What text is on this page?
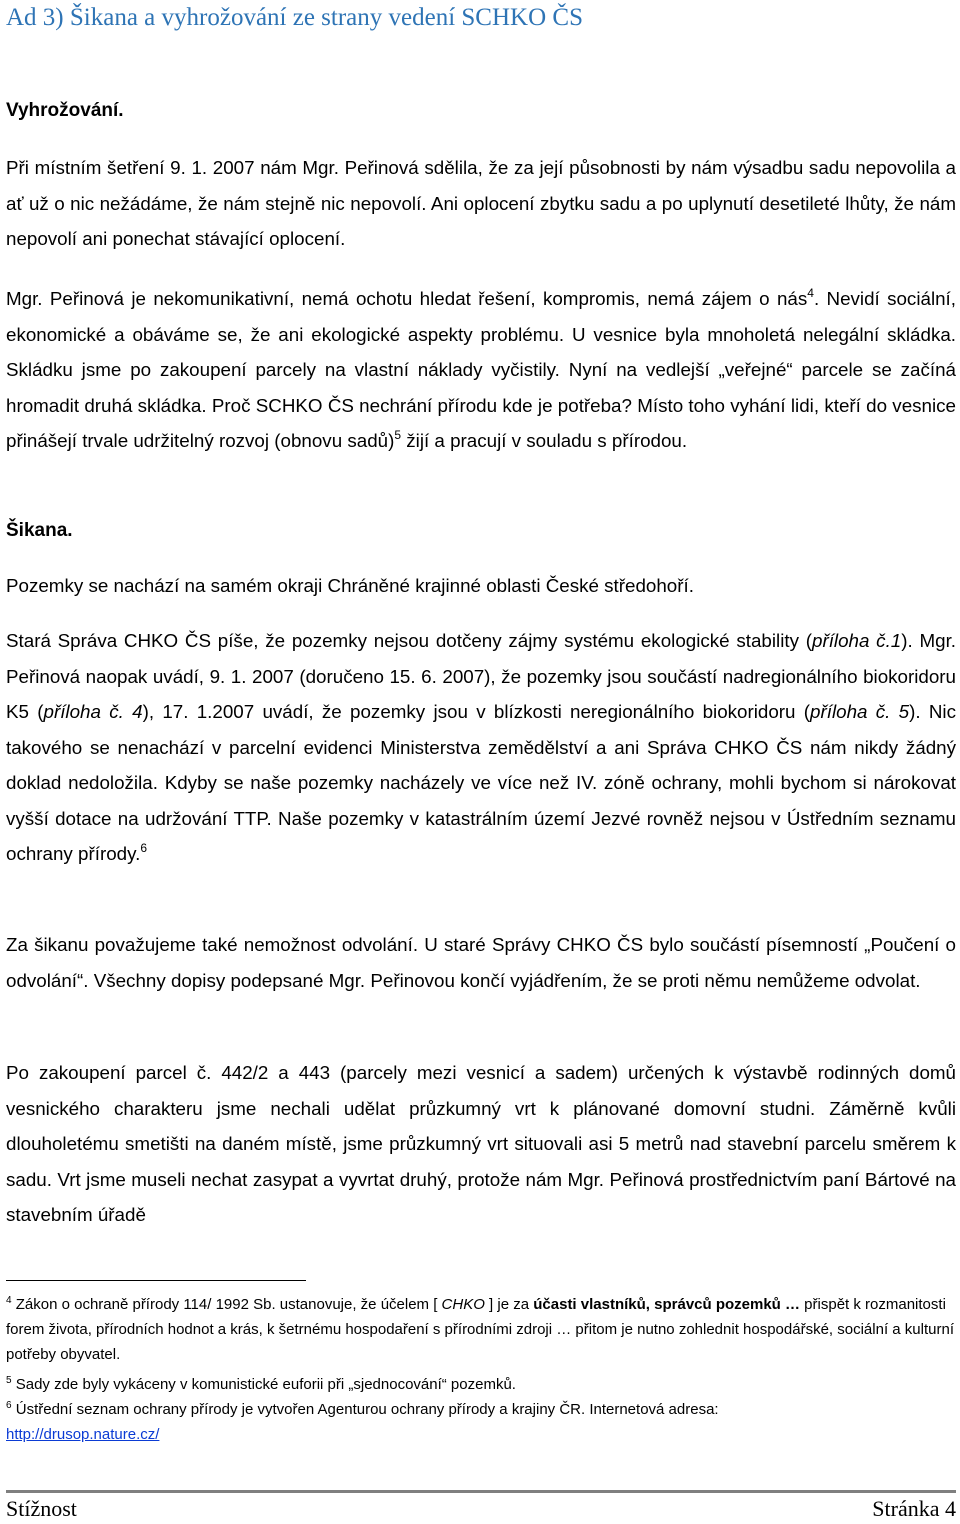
Ad 3) Šikana a vyhrožování ze strany vedení SCHKO ČS
Vyhrožování.
Při místním šetření 9. 1. 2007 nám Mgr. Peřinová sdělila, že za její působnosti by nám výsadbu sadu nepovolila a ať už o nic nežádáme, že nám stejně nic nepovolí. Ani oplocení zbytku sadu a po uplynutí desetileté lhůty, že nám nepovolí ani ponechat stávající oplocení.
Mgr. Peřinová je nekomunikativní, nemá ochotu hledat řešení, kompromis, nemá zájem o nás$^4$. Nevidí sociální, ekonomické a obáváme se, že ani ekologické aspekty problému. U vesnice byla mnoholetá nelegální skládka. Skládku jsme po zakoupení parcely na vlastní náklady vyčistily. Nyní na vedlejší „veřejné“ parcele se začíná hromadit druhá skládka. Proč SCHKO ČS nechrání přírodu kde je potřeba? Místo toho vyhání lidi, kteří do vesnice přinášejí trvale udržitelný rozvoj (obnovu sadů)$^5$ žijí a pracují v souladu s přírodou.
Šikana.
Pozemky se nachází na samém okraji Chráněné krajinné oblasti České středohoří.
Stará Správa CHKO ČS píše, že pozemky nejsou dotčeny zájmy systému ekologické stability (příloha č.1). Mgr. Peřinová naopak uvádí, 9. 1. 2007 (doručeno 15. 6. 2007), že pozemky jsou součástí nadregionálního biokoridoru K5 (příloha č. 4), 17. 1.2007 uvádí, že pozemky jsou v blízkosti neregionálního biokoridoru (příloha č. 5). Nic takového se nenachází v parcelní evidenci Ministerstva zemědělství a ani Správa CHKO ČS nám nikdy žádný doklad nedoložila. Kdyby se naše pozemky nacházely ve více než IV. zóně ochrany, mohli bychom si nárokovat vyšší dotace na udržování TTP. Naše pozemky v katastrálním území Jezvé rovněž nejsou v Ústředním seznamu ochrany přírody.$^6$
Za šikanu považujeme také nemožnost odvolání. U staré Správy CHKO ČS bylo součástí písemností „Poučení o odvolání“. Všechny dopisy podepsané Mgr. Peřinovou končí vyjádřením, že se proti němu nemůžeme odvolat.
Po zakoupení parcel č. 442/2 a 443 (parcely mezi vesnicí a sadem) určených k výstavbě rodinných domů vesnického charakteru jsme nechali udělat průzkumný vrt k plánované domovní studni. Záměrně kvůli dlouholetému smetišti na daném místě, jsme průzkumný vrt situovali asi 5 metrů nad stavební parcelu směrem k sadu. Vrt jsme museli nechat zasypat a vyvrtat druhý, protože nám Mgr. Peřinová prostřednictvím paní Bártové na stavebním úřadě
$^4$ Zákon o ochraně přírody 114/ 1992 Sb. ustanovuje, že účelem [ CHKO ] je za účasti vlastníků, správců pozemků … přispět k rozmanitosti forem života, přírodních hodnot a krás, k šetrnému hospodaření s přírodními zdroji … přitom je nutno zohlednit hospodářské, sociální a kulturní potřeby obyvatel.
$^5$ Sady zde byly vykáceny v komunistické euforii při „sjednocování“ pozemků.
$^6$ Ústřední seznam ochrany přírody je vytvořen Agenturou ochrany přírody a krajiny ČR. Internetová adresa:
http://drusop.nature.cz/
Stížnost	Stránka 4
